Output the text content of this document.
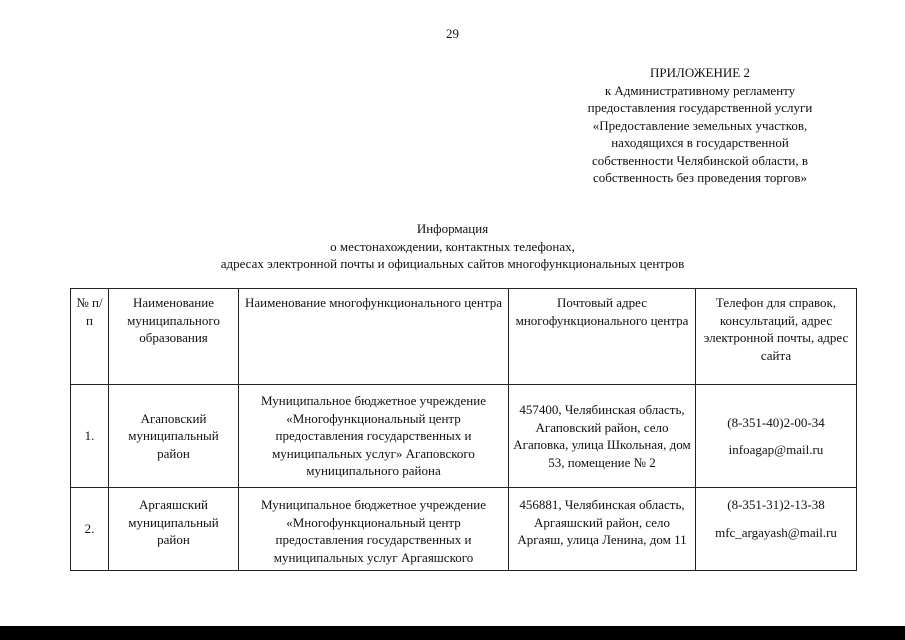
29
ПРИЛОЖЕНИЕ 2
к Административному регламенту
предоставления государственной услуги
«Предоставление земельных участков,
находящихся в государственной
собственности Челябинской области, в
собственность без проведения торгов»
Информация
о местонахождении, контактных телефонах,
адресах электронной почты и официальных сайтов многофункциональных центров
№ п/п	Наименование муниципального образования	Наименование многофункционального центра	Почтовый адрес многофункционального центра	Телефон для справок, консультаций, адрес электронной почты, адрес сайта
1.	Агаповский муниципальный район	Муниципальное бюджетное учреждение «Многофункциональный центр предоставления государственных и муниципальных услуг» Агаповского муниципального района	457400, Челябинская область, Агаповский район, село Агаповка, улица Школьная, дом 53, помещение № 2	(8-351-40)2-00-34
infoagap@mail.ru

2.	Аргаяшский муниципальный район	Муниципальное бюджетное учреждение «Многофункциональный центр предоставления государственных и муниципальных услуг Аргаяшского	456881, Челябинская область, Аргаяшский район, село Аргаяш, улица Ленина, дом 11	(8-351-31)2-13-38
mfc_argayash@mail.ru
